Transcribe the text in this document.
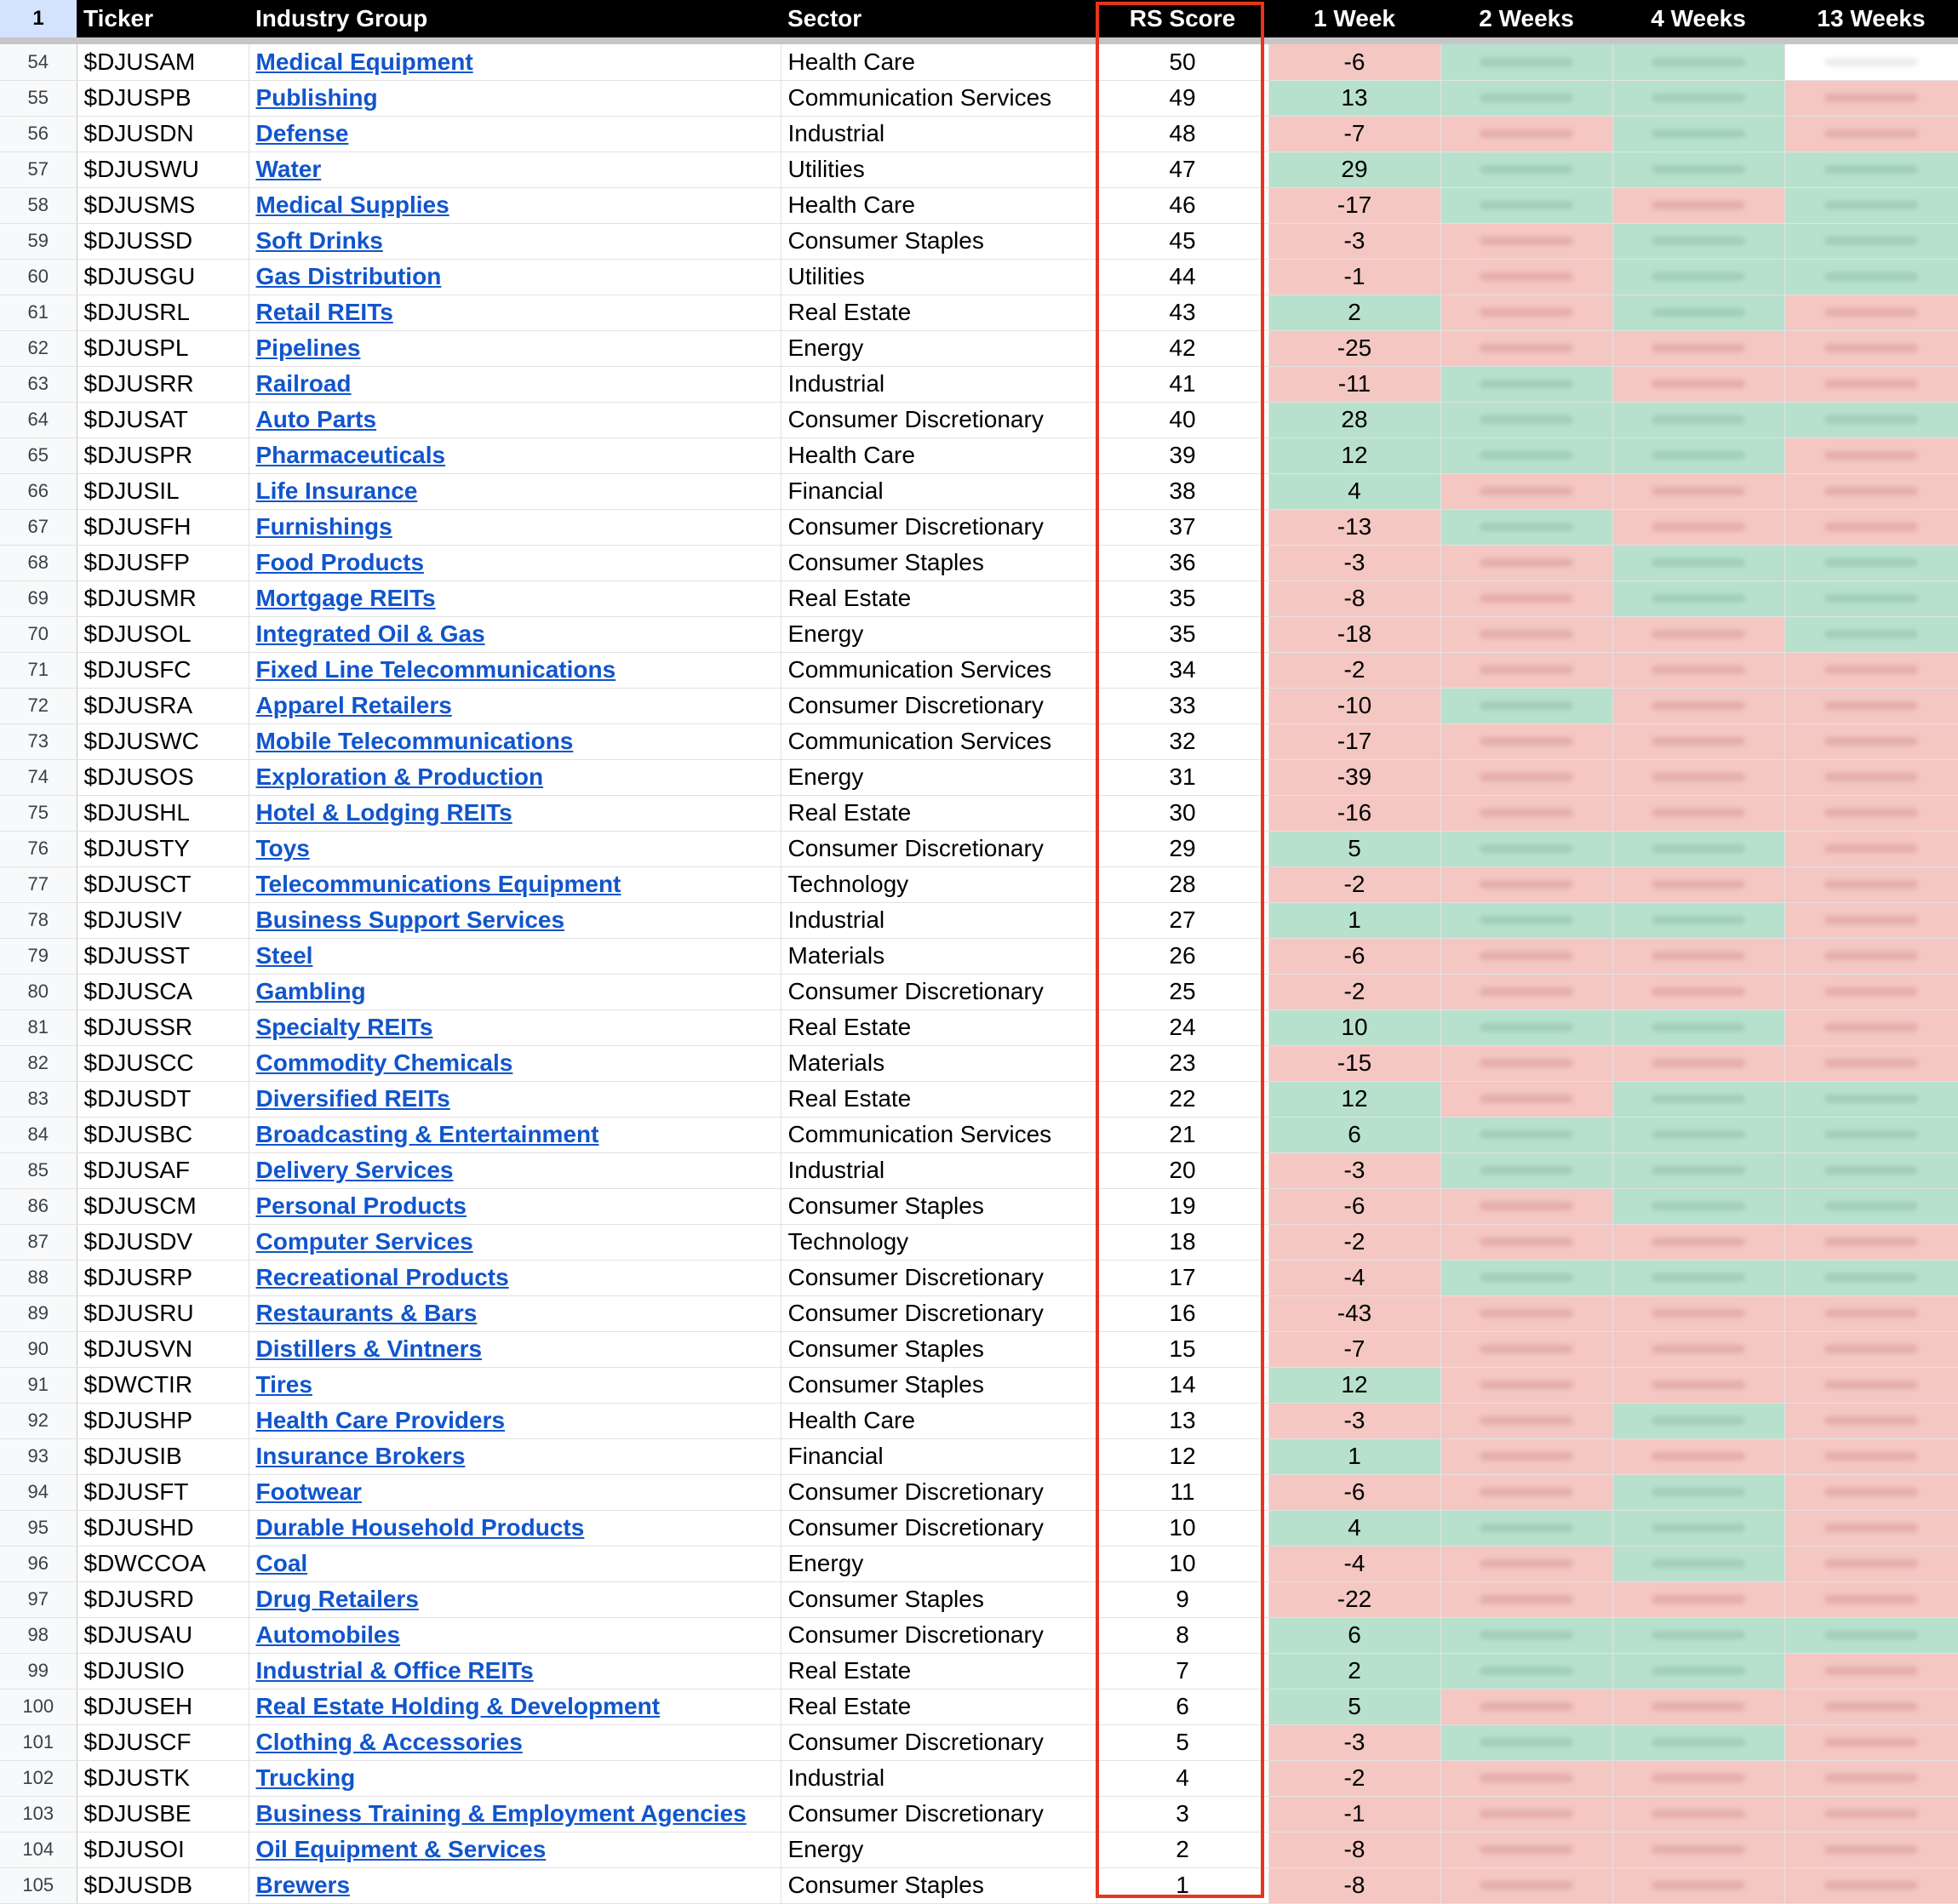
1	Ticker	Industry Group	Sector	RS Score	1 Week	2 Weeks	4 Weeks	13 Weeks

54	$DJUSAM	Medical Equipment	Health Care	50	-6	

55	$DJUSPB	Publishing	Communication Services	49	13	

56	$DJUSDN	Defense	Industrial	48	-7	

57	$DJUSWU	Water	Utilities	47	29	

58	$DJUSMS	Medical Supplies	Health Care	46	-17	

59	$DJUSSD	Soft Drinks	Consumer Staples	45	-3	

60	$DJUSGU	Gas Distribution	Utilities	44	-1	

61	$DJUSRL	Retail REITs	Real Estate	43	2	

62	$DJUSPL	Pipelines	Energy	42	-25	

63	$DJUSRR	Railroad	Industrial	41	-11	

64	$DJUSAT	Auto Parts	Consumer Discretionary	40	28	

65	$DJUSPR	Pharmaceuticals	Health Care	39	12	

66	$DJUSIL	Life Insurance	Financial	38	4	

67	$DJUSFH	Furnishings	Consumer Discretionary	37	-13	

68	$DJUSFP	Food Products	Consumer Staples	36	-3	

69	$DJUSMR	Mortgage REITs	Real Estate	35	-8	

70	$DJUSOL	Integrated Oil & Gas	Energy	35	-18	

71	$DJUSFC	Fixed Line Telecommunications	Communication Services	34	-2	

72	$DJUSRA	Apparel Retailers	Consumer Discretionary	33	-10	

73	$DJUSWC	Mobile Telecommunications	Communication Services	32	-17	

74	$DJUSOS	Exploration & Production	Energy	31	-39	

75	$DJUSHL	Hotel & Lodging REITs	Real Estate	30	-16	

76	$DJUSTY	Toys	Consumer Discretionary	29	5	

77	$DJUSCT	Telecommunications Equipment	Technology	28	-2	

78	$DJUSIV	Business Support Services	Industrial	27	1	

79	$DJUSST	Steel	Materials	26	-6	

80	$DJUSCA	Gambling	Consumer Discretionary	25	-2	

81	$DJUSSR	Specialty REITs	Real Estate	24	10	

82	$DJUSCC	Commodity Chemicals	Materials	23	-15	

83	$DJUSDT	Diversified REITs	Real Estate	22	12	

84	$DJUSBC	Broadcasting & Entertainment	Communication Services	21	6	

85	$DJUSAF	Delivery Services	Industrial	20	-3	

86	$DJUSCM	Personal Products	Consumer Staples	19	-6	

87	$DJUSDV	Computer Services	Technology	18	-2	

88	$DJUSRP	Recreational Products	Consumer Discretionary	17	-4	

89	$DJUSRU	Restaurants & Bars	Consumer Discretionary	16	-43	

90	$DJUSVN	Distillers & Vintners	Consumer Staples	15	-7	

91	$DWCTIR	Tires	Consumer Staples	14	12	

92	$DJUSHP	Health Care Providers	Health Care	13	-3	

93	$DJUSIB	Insurance Brokers	Financial	12	1	

94	$DJUSFT	Footwear	Consumer Discretionary	11	-6	

95	$DJUSHD	Durable Household Products	Consumer Discretionary	10	4	

96	$DWCCOA	Coal	Energy	10	-4	

97	$DJUSRD	Drug Retailers	Consumer Staples	9	-22	

98	$DJUSAU	Automobiles	Consumer Discretionary	8	6	

99	$DJUSIO	Industrial & Office REITs	Real Estate	7	2	

100	$DJUSEH	Real Estate Holding & Development	Real Estate	6	5	

101	$DJUSCF	Clothing & Accessories	Consumer Discretionary	5	-3	

102	$DJUSTK	Trucking	Industrial	4	-2	

103	$DJUSBE	Business Training & Employment Agencies	Consumer Discretionary	3	-1	

104	$DJUSOI	Oil Equipment & Services	Energy	2	-8	

105	$DJUSDB	Brewers	Consumer Staples	1	-8	
